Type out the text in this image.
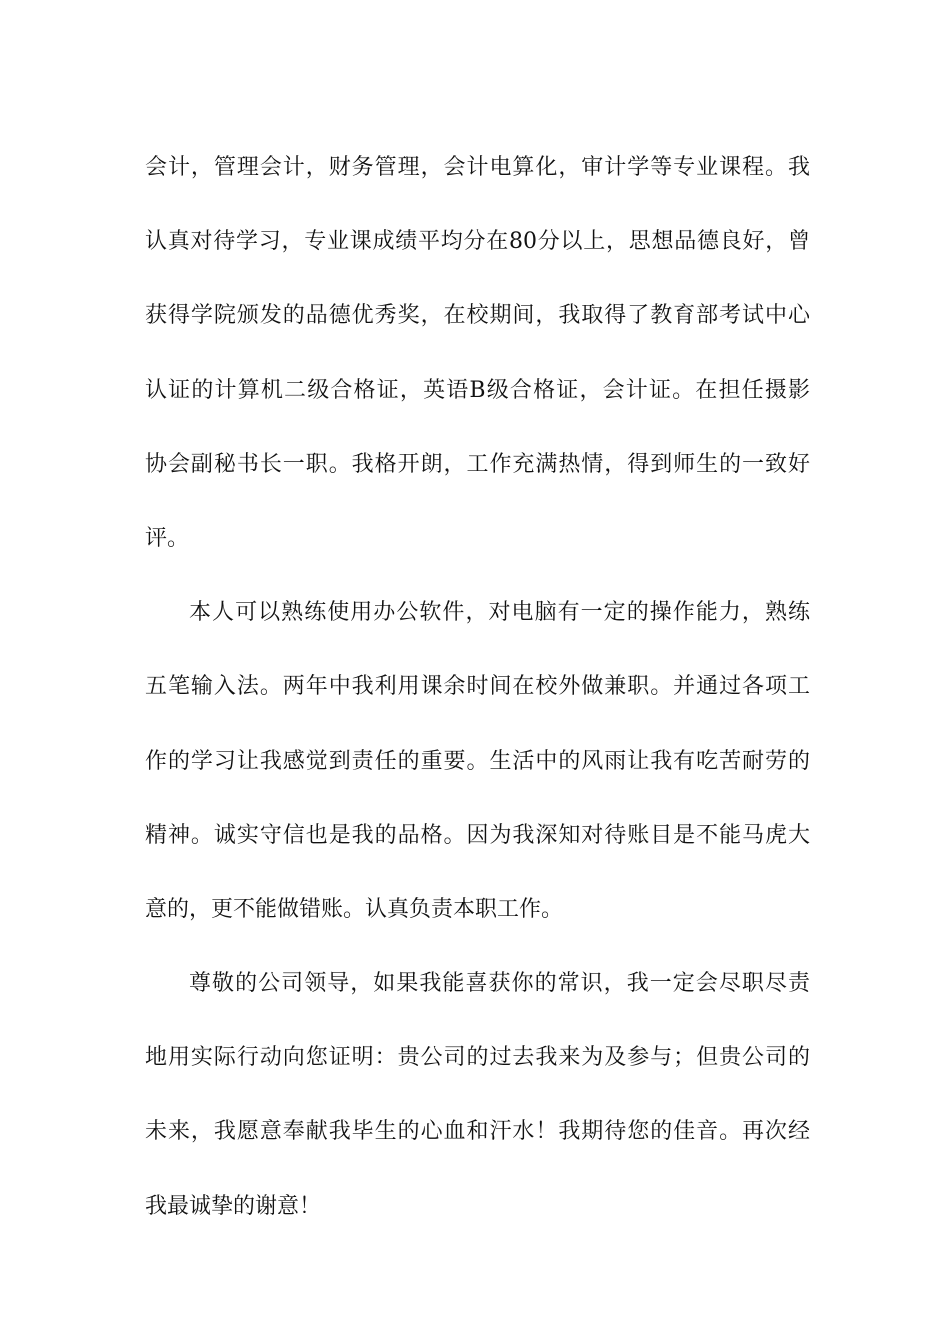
会计，管理会计，财务管理，会计电算化，审计学等专业课程。我
认真对待学习，专业课成绩平均分在80分以上，思想品德良好，曾
获得学院颁发的品德优秀奖，在校期间，我取得了教育部考试中心
认证的计算机二级合格证，英语B级合格证，会计证。在担任摄影
协会副秘书长一职。我格开朗，工作充满热情，得到师生的一致好
评。
本人可以熟练使用办公软件，对电脑有一定的操作能力，熟练
五笔输入法。两年中我利用课余时间在校外做兼职。并通过各项工
作的学习让我感觉到责任的重要。生活中的风雨让我有吃苦耐劳的
精神。诚实守信也是我的品格。因为我深知对待账目是不能马虎大
意的，更不能做错账。认真负责本职工作。
尊敬的公司领导，如果我能喜获你的常识，我一定会尽职尽责
地用实际行动向您证明：贵公司的过去我来为及参与；但贵公司的
未来，我愿意奉献我毕生的心血和汗水！我期待您的佳音。再次经
我最诚挚的谢意！
